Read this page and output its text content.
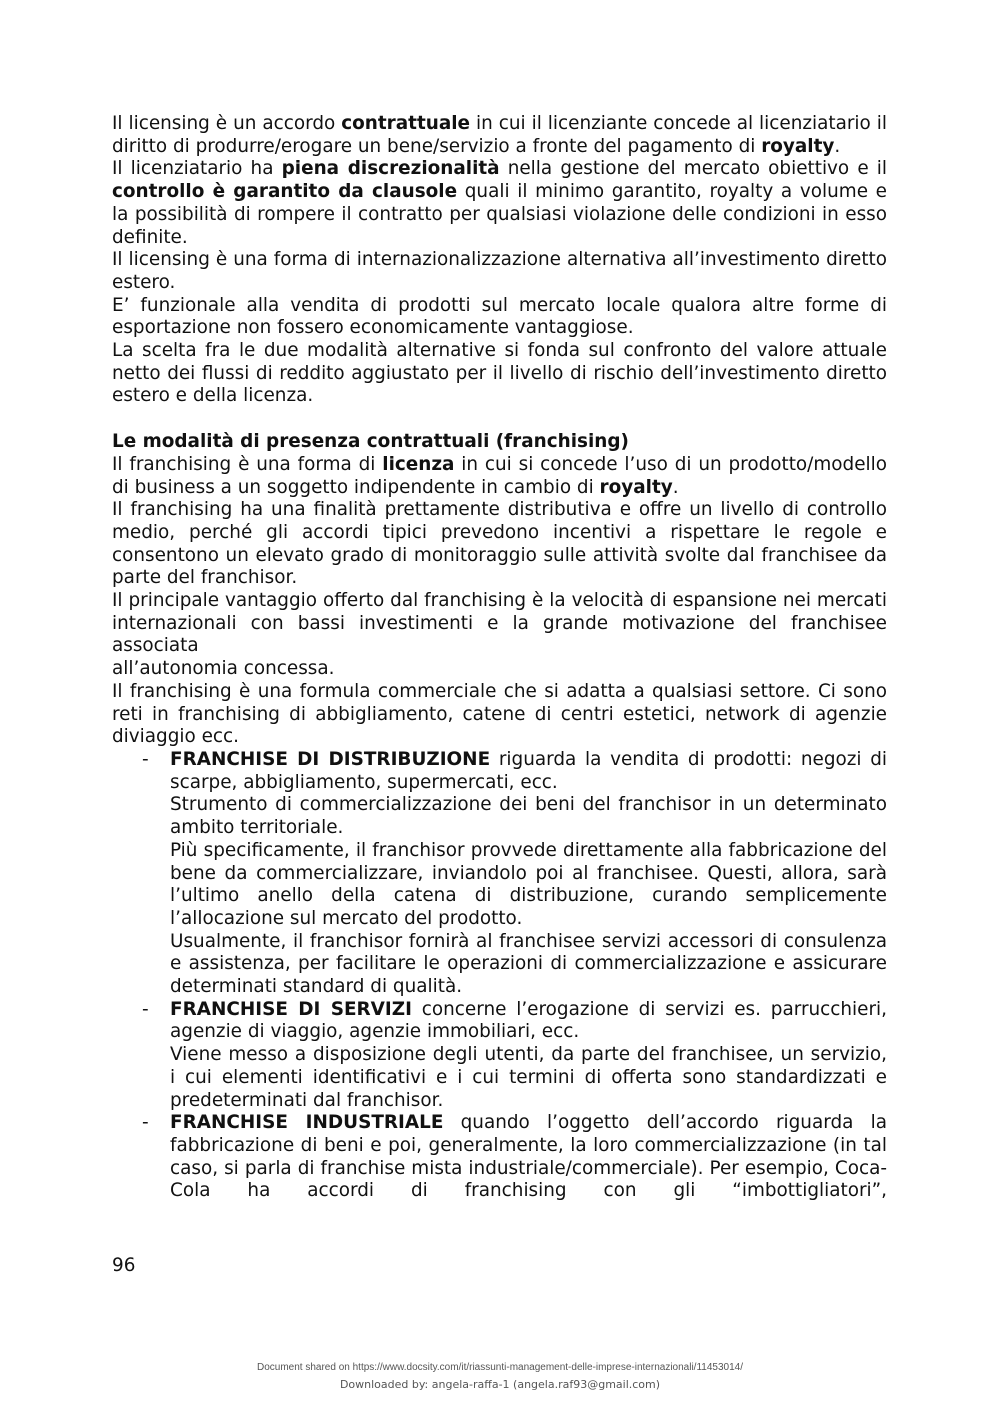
Il licensing è un accordo contrattuale in cui il licenziante concede al licenziatario il diritto di produrre/erogare un bene/servizio a fronte del pagamento di royalty.

Il licenziatario ha piena discrezionalità nella gestione del mercato obiettivo e il controllo è garantito da clausole quali il minimo garantito, royalty a volume e la possibilità di rompere il contratto per qualsiasi violazione delle condizioni in esso definite.

Il licensing è una forma di internazionalizzazione alternativa all’investimento diretto estero.

E’ funzionale alla vendita di prodotti sul mercato locale qualora altre forme di esportazione non fossero economicamente vantaggiose.

La scelta fra le due modalità alternative si fonda sul confronto del valore attuale netto dei flussi di reddito aggiustato per il livello di rischio dell’investimento diretto estero e della licenza.

Le modalità di presenza contrattuali (franchising)

Il franchising è una forma di licenza in cui si concede l’uso di un prodotto/modello di business a un soggetto indipendente in cambio di royalty.

Il franchising ha una finalità prettamente distributiva e offre un livello di controllo medio, perché gli accordi tipici prevedono incentivi a rispettare le regole e consentono un elevato grado di monitoraggio sulle attività svolte dal franchisee da parte del franchisor.

Il principale vantaggio offerto dal franchising è la velocità di espansione nei mercati internazionali con bassi investimenti e la grande motivazione del franchisee associata

all’autonomia concessa.

Il franchising è una formula commerciale che si adatta a qualsiasi settore. Ci sono reti in franchising di abbigliamento, catene di centri estetici, network di agenzie diviaggio ecc.

- FRANCHISE DI DISTRIBUZIONE riguarda la vendita di prodotti: negozi di scarpe, abbigliamento, supermercati, ecc.

Strumento di commercializzazione dei beni del franchisor in un determinato ambito territoriale.

Più specificamente, il franchisor provvede direttamente alla fabbricazione del bene da commercializzare, inviandolo poi al franchisee. Questi, allora, sarà l’ultimo anello della catena di distribuzione, curando semplicemente l’allocazione sul mercato del prodotto.

Usualmente, il franchisor fornirà al franchisee servizi accessori di consulenza e assistenza, per facilitare le operazioni di commercializzazione e assicurare determinati standard di qualità.

- FRANCHISE DI SERVIZI concerne l’erogazione di servizi es. parrucchieri, agenzie di viaggio, agenzie immobiliari, ecc.

Viene messo a disposizione degli utenti, da parte del franchisee, un servizio, i cui elementi identificativi e i cui termini di offerta sono standardizzati e predeterminati dal franchisor.

- FRANCHISE INDUSTRIALE quando l’oggetto dell’accordo riguarda la fabbricazione di beni e poi, generalmente, la loro commercializzazione (in tal caso, si parla di franchise mista industriale/commerciale). Per esempio, Coca-Cola ha accordi di franchising con gli “imbottigliatori”,

96
Document shared on https://www.docsity.com/it/riassunti-management-delle-imprese-internazionali/11453014/
Downloaded by: angela-raffa-1 (angela.raf93@gmail.com)
